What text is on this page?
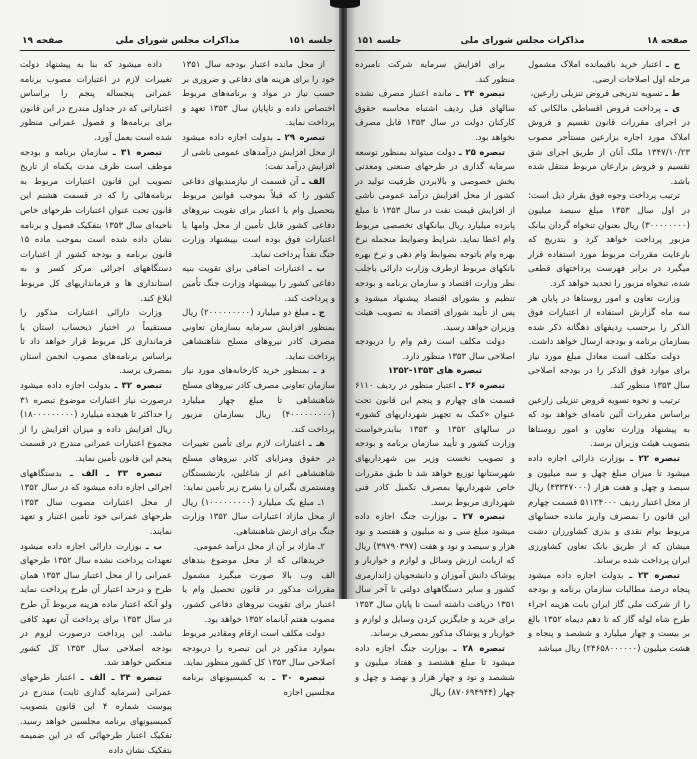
جلسه ۱۵۱
مذاکرات مجلس شورای ملی
صفحه ۱۹

از محل مانده اعتبار بودجه سال ۱۳۵۱ خود را برای هزینه های دفاعی و ضروری بر حسب نیاز در مواد و برنامه‌های مربوط اختصاص داده و تاپایان سال ۱۳۵۳ تعهد و پرداخت نماید.

تبصره ۲۹ ـ بدولت اجازه داده میشود از محل افزایش درآمدهای عمومی ناشی از افزایش درآمد نفت:

الف ـ آن قسمت از نیازمندیهای دفاعی کشور را که قبلاً بموجب قوانین مربوط بتحصیل وام یا اعتبار برای تقویت نیروهای دفاعی کشور قابل تأمین از محل وامها یا اعتبارات فوق بوده است بپیشنهاد وزارت جنگ نقداً پرداخت نماید.

ب ـ اعتبارات اضافی برای تقویت بنیه دفاعی کشور را بپیشنهاد وزارت جنگ تأمین و پرداخت کند.

ج ـ مبلغ دو میلیارد (۲۰۰۰۰۰۰۰۰۰) ریال بمنظور افزایش سرمایه بسازمان تعاونی مصرف کادر نیروهای مسلح شاهنشاهی پرداخت نماید.

د ـ بمنظور خرید کارخانه‌های مورد نیاز سازمان تعاونی مصرف کادر نیروهای مسلح شاهنشاهی تا مبلغ چهار میلیارد (۴۰۰۰۰۰۰۰۰۰) ریال بسازمان مزبور پرداخت کند.

هـ ـ اعتبارات لازم برای تأمین تغییرات در حقوق ومزایای کادر نیروهای مسلح شاهنشاهی اعم از شاغلین، بازنشستگان ومستمری بگیران را بشرح زیر تأمین نماید:

۱ـ مبلغ یک میلیارد (۱۰۰۰۰۰۰۰۰۰) ریال از محل مازاد اعتبارات سال ۱۳۵۲ وزارت جنگ برای ارتش شاهنشاهی.

۲ـ مازاد بر آن از محل درآمد عمومی.

خریدهائی که از محل موضوع بندهای الف وب بالا صورت میگیرد مشمول مقررات مذکور در قانون تحصیل وام یا اعتبار برای تقویت نیروهای دفاعی کشور، مصوب هفتم آبانماه ۱۳۵۲ خواهد بود.

دولت مکلف است ارقام ومقادیر مربوط بموارد مذکور در این تبصره را دربودجه اصلاحی سال ۱۳۵۳ کل کشور منظور نماید.

تبصره ۳۰ ـ به کمیسیونهای برنامه مجلسین اجازه

داده میشود که بنا به پیشنهاد دولت تغییرات لازم در اعتبارات مصوب برنامه عمرانی پنجساله پنجم را براساس اعتباراتی که در جداول مندرج در این قانون برای برنامه‌ها و فصول عمرانی منظور شده است بعمل آورد.

تبصره ۳۱ ـ سازمان برنامه و بودجه موظف است ظرف مدت یکماه از تاریخ تصویب این قانون اعتبارات مربوط به برنامه‌هائی را که در قسمت هشتم این قانون تحت عنوان اعتبارات طرحهای خاص ناحیه‌ای سال ۱۳۵۳ بتفکیک فصول و برنامه نشان داده شده است بموجب ماده ۱۵ قانون برنامه و بودجه کشور از اعتبارات دستگاههای اجرائی مرکز کسر و به استانداری ها و فرمانداریهای کل مربوط ابلاغ کند.

وزارت دارائی اعتبارات مذکور را مستقیماً در اختیار ذیحساب استان یا فرمانداری کل مربوط قرار خواهد داد تا براساس برنامه‌های مصوب انجمن استان بمصرف برسد.

تبصره ۳۲ ـ بدولت اجازه داده میشود درصورت نیاز اعتبارات موضوع تبصره ۳۱ را حداکثر تا هیجده میلیارد (۱۸۰۰۰۰۰۰۰۰۰) ریال افزایش داده و میزان افزایش را از مجموع اعتبارات عمرانی مندرج در قسمت پنجم این قانون تأمین نماید.

تبصره ۳۳ ـ الف ـ بدستگاههای اجرائی اجازه داده میشود که در سال ۱۳۵۲ از محل اعتبارات مصوب سال ۱۳۵۳ طرحهای عمرانی خود تأمین اعتبار و تعهد نمایند.

ب ـ بوزارت دارائی اجازه داده میشود تعهدات پرداخت نشده سال ۱۳۵۲ طرحهای عمرانی را از محل اعتبار سال ۱۳۵۳ همان طرح و درحد اعتبار آن طرح پرداخت نماید ولو آنکه اعتبار ماده هزینه مربوط آن طرح در سال ۱۳۵۳ برای پرداخت آن تعهد کافی نباشد. این پرداخت درصورت لزوم در بودجه اصلاحی سال ۱۳۵۳ کل کشور منعکس خواهد شد.

تبصره ۳۴ ـ الف ـ اعتبار طرحهای عمرانی (سرمایه گذاری ثابت) مندرج در پیوست شماره ۴ این قانون بتصویب کمیسیونهای برنامه مجلسین خواهد رسید. تفکیک اعتبار طرحهائی که در این ضمیمه بتفکیک نشان داده

صفحه ۱۸
مذاکرات مجلس شورای ملی
جلسه ۱۵۱

ح ـ اعتبار خرید باقیمانده املاک مشمول مرحله اول اصلاحات ارضی.

ط ـ تسویه تدریجی قروض تنزیلی زارعین،

ی ـ پرداخت قروض اقساطی مالکانی که در اجرای مقررات قانون تقسیم و فروش املاک مورد اجاره بزارعین مستأجر مصوب ۱۳۴۷/۱۰/۲۳ ملک آنان از طریق اجرای شق تقسیم و فروش بزارعان مربوط منتقل شده باشد.

ترتیب پرداخت وجوه فوق بقرار ذیل است: در اول سال ۱۳۵۳ مبلغ سیصد میلیون (۳۰۰۰۰۰۰۰۰) ریال بعنوان تنخواه گردان ببانک مزبور پرداخت خواهد کرد و بتدریج که بارعایت مقررات مربوط مورد استفاده قرار میگیرد در برابر فهرست پرداختهای قطعی شده، تنخواه مزبور را تجدید خواهد کرد.

وزارت تعاون و امور روستاها در پایان هر سه ماه گزارش استفاده از اعتبارات فوق الذکر را برحسب ردیفهای دهگانه ذکر شده بسازمان برنامه و بودجه ارسال خواهد داشت.

دولت مکلف است معادل مبلغ مورد نیاز برای موارد فوق الذکر را در بودجه اصلاحی سال ۱۳۵۳ منظور کند.

ترتیب و نحوه تسویه قروض تنزیلی زارعین براساس مقررات آئین نامه‌ای خواهد بود که به پیشنهاد وزارت تعاون و امور روستاها بتصویب هیئت وزیران برسد.

تبصره ۲۲ ـ بوزارت دارائی اجازه داده میشود تا میزان مبلغ چهل و سه میلیون و سیصد و چهل و هفت هزار (۴۳۳۴۷۰۰۰) ریال از محل اعتبار ردیف ۵۱۱۲۴۰۰۰ قسمت چهارم این قانون را بمصرف واریز مانده حسابهای مربوط بوام نقدی و بذری کشاورزان دشت میشان که از طریق بانک تعاون کشاورزی ایران پرداخت شده برساند.

تبصره ۲۳ ـ بدولت اجازه داده میشود پنجاه درصد مطالبات سازمان برنامه و بودجه را از شرکت ملی گاز ایران بابت هزینه اجراء طرح شاه لوله گاز که تا دهم دیماه ۱۳۵۲ بالغ بر بیست و چهار میلیارد و ششصد و پنجاه و هشت میلیون (۲۴۶۵۸۰۰۰۰۰۰) ریال میباشد

برای افزایش سرمایه شرکت نامبرده منظور کند.

تبصره ۲۴ ـ مانده اعتبار مصرف نشده سالهای قبل ردیف اشتباه محاسبه حقوق کارکنان دولت در سال ۱۳۵۳ قابل مصرف نخواهد بود.

تبصره ۲۵ ـ دولت میتواند بمنظور توسعه سرمایه گذاری در طرحهای صنعتی ومعدنی بخش خصوصی و بالابردن ظرفیت تولید در کشور از محل افزایش درآمد عمومی ناشی از افزایش قیمت نفت در سال ۱۳۵۳ تا مبلغ پانزده میلیارد ریال ببانکهای تخصصی مربوط وام اعطا نماید. شرایط وضوابط منجمله نرخ بهره وام باتوجه بضوابط وام دهی و نرخ بهره بانکهای مربوط ازطرف وزارت دارائی باجلب نظر وزارت اقتصاد و سازمان برنامه و بودجه تنظیم و بشورای اقتصاد پیشنهاد میشود و پس از تأیید شورای اقتصاد به تصویب هیئت وزیران خواهد رسید.

دولت مکلف است رقم وام را دربودجه اصلاحی سال ۱۳۵۳ منظور دارد.

تبصره های ۱۳۵۳-۱۳۵۲

تبصره ۲۶ ـ اعتبار منظور در ردیف ۶۱۱۰ قسمت های چهارم و پنجم این قانون تحت عنوان «کمک به تجهیز شهرداریهای کشور» در سالهای ۱۳۵۲ و ۱۳۵۳ بنابدرخواست وزارت کشور و تأیید سازمان برنامه و بودجه و تصویب نخست وزیر بین شهرداریهای شهرستانها توزیع خواهد شد تا طبق مقررات خاص شهرداریها بمصرف تکمیل کادر فنی شهرداری مربوط برسد.

تبصره ۲۷ ـ بوزارت جنگ اجازه داده میشود مبلغ سی و نه میلیون و هفتصد و نود هزار و سیصد و نود و هفت (۳۹۷۹۰۳۹۷) ریال که ازبابت ارزش وسائل و لوازم و خواربار و پوشاک دانش آموزان و دانشجویان ژاندارمری کشور و سایر دستگاههای دولتی تا آخر سال ۱۳۵۱ دریافت داشته است تا پایان سال ۱۳۵۳ برای خرید و جایگزین کردن وسایل و لوازم و خواربار و پوشاک مذکور بمصرف برساند.

تبصره ۲۸ ـ بوزارت جنگ اجازه داده میشود تا مبلغ هشتصد و هفتاد میلیون و ششصد و نود و چهار هزار و نهصد و چهل و چهار (۸۷۰۶۹۴۹۴۴) ریال
